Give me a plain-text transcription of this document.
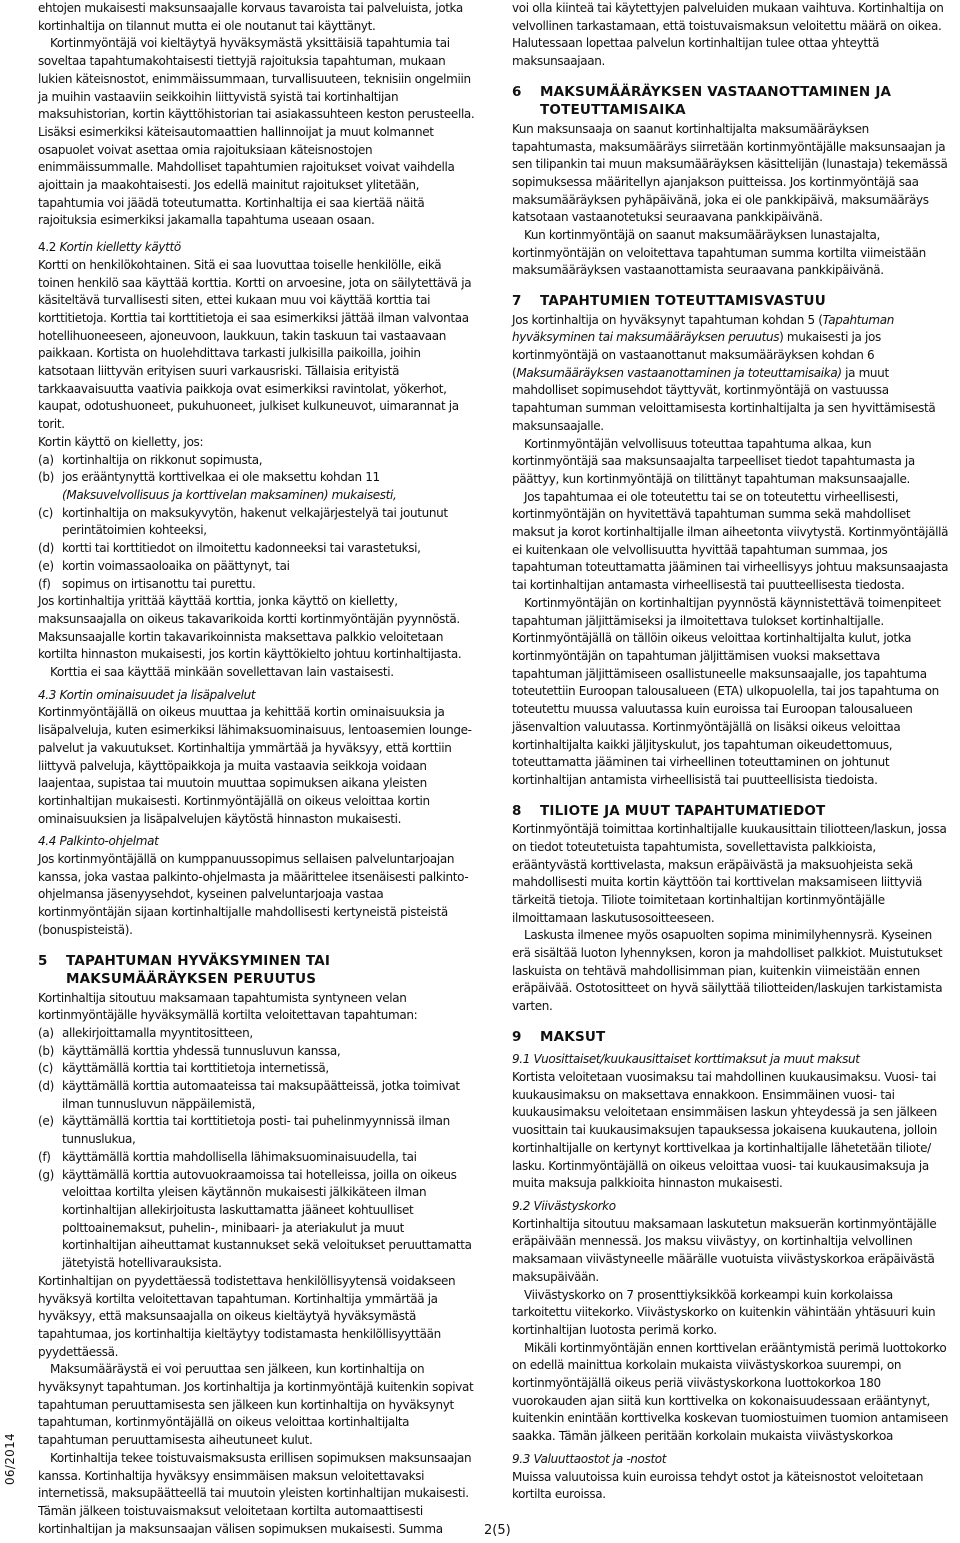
06/2014

ehtojen mukaisesti maksunsaajalle korvaus tavaroista tai palveluista, jotka kortinhaltija on tilannut mutta ei ole noutanut tai käyttänyt.

Kortinmyöntäjä voi kieltäytyä hyväksymästä yksittäisiä tapahtumia tai soveltaa tapahtumakohtaisesti tiettyjä rajoituksia tapahtuman, mukaan lukien käteisnostot, enimmäissummaan, turvallisuuteen, teknisiin ongelmiin ja muihin vastaaviin seikkoihin liittyvistä syistä tai kortinhaltijan maksuhistorian, kortin käyttöhistorian tai asiakassuhteen keston perusteella. Lisäksi esimerkiksi käteisautomaattien hallinnoijat ja muut kolmannet osapuolet voivat asettaa omia rajoituksiaan käteisnostojen enimmäissummalle. Mahdolliset tapahtumien rajoitukset voivat vaihdella ajoittain ja maakohtaisesti. Jos edellä mainitut rajoitukset ylitetään, tapahtumia voi jäädä toteutumatta. Kortinhaltija ei saa kiertää näitä rajoituksia esimerkiksi jakamalla tapahtuma useaan osaan.

4.2 Kortin kielletty käyttö

Kortti on henkilökohtainen. Sitä ei saa luovuttaa toiselle henkilölle, eikä toinen henkilö saa käyttää korttia. Kortti on arvoesine, jota on säilytettävä ja käsiteltävä turvallisesti siten, ettei kukaan muu voi käyttää korttia tai korttitietoja. Korttia tai korttitietoja ei saa esimerkiksi jättää ilman valvontaa hotellihuoneeseen, ajoneuvoon, laukkuun, takin taskuun tai vastaavaan paikkaan. Kortista on huolehdittava tarkasti julkisilla paikoilla, joihin katsotaan liittyvän erityisen suuri varkausriski. Tällaisia erityistä tarkkaavaisuutta vaativia paikkoja ovat esimerkiksi ravintolat, yökerhot, kaupat, odotushuoneet, pukuhuoneet, julkiset kulkuneuvot, uimarannat ja torit.

Kortin käyttö on kielletty, jos:

(a) kortinhaltija on rikkonut sopimusta,
(b) jos erääntynyttä korttivelkaa ei ole maksettu kohdan 11
(Maksuvelvollisuus ja korttivelan maksaminen) mukaisesti,
(c) kortinhaltija on maksukyvytön, hakenut velkajärjestelyä tai joutunut perintätoimien kohteeksi,
(d) kortti tai korttitiedot on ilmoitettu kadonneeksi tai varastetuksi,
(e) kortin voimassaoloaika on päättynyt, tai
(f) sopimus on irtisanottu tai purettu.

Jos kortinhaltija yrittää käyttää korttia, jonka käyttö on kielletty, maksunsaajalla on oikeus takavarikoida kortti kortinmyöntäjän pyynnöstä. Maksunsaajalle kortin takavarikoinnista maksettava palkkio veloitetaan kortilta hinnaston mukaisesti, jos kortin käyttökielto johtuu kortinhaltijasta.

Korttia ei saa käyttää minkään sovellettavan lain vastaisesti.

4.3 Kortin ominaisuudet ja lisäpalvelut

Kortinmyöntäjällä on oikeus muuttaa ja kehittää kortin ominaisuuksia ja lisäpalveluja, kuten esimerkiksi lähimaksuominaisuus, lentoasemien lounge-palvelut ja vakuutukset. Kortinhaltija ymmärtää ja hyväksyy, että korttiin liittyvä palveluja, käyttöpaikkoja ja muita vastaavia seikkoja voidaan laajentaa, supistaa tai muutoin muuttaa sopimuksen aikana yleisten kortinhaltijan mukaisesti. Kortinmyöntäjällä on oikeus veloittaa kortin ominaisuuksien ja lisäpalvelujen käytöstä hinnaston mukaisesti.

4.4 Palkinto-ohjelmat

Jos kortinmyöntäjällä on kumppanuussopimus sellaisen palveluntarjoajan kanssa, joka vastaa palkinto-ohjelmasta ja määrittelee itsenäisesti palkinto-ohjelmansa jäsenyysehdot, kyseinen palveluntarjoaja vastaa kortinmyöntäjän sijaan kortinhaltijalle mahdollisesti kertyneistä pisteistä (bonuspisteistä).

5	TAPAHTUMAN HYVÄKSYMINEN TAI MAKSUMÄÄRÄYKSEN PERUUTUS

Kortinhaltija sitoutuu maksamaan tapahtumista syntyneen velan kortinmyöntäjälle hyväksymällä kortilta veloitettavan tapahtuman:

(a) allekirjoittamalla myyntitositteen,
(b) käyttämällä korttia yhdessä tunnusluvun kanssa,
(c) käyttämällä korttia tai korttitietoja internetissä,
(d) käyttämällä korttia automaateissa tai maksupäätteissä, jotka toimivat ilman tunnusluvun näppäilemistä,
(e) käyttämällä korttia tai korttitietoja posti- tai puhelinmyynnissä ilman tunnuslukua,
(f) käyttämällä korttia mahdollisella lähimaksuominaisuudella, tai
(g) käyttämällä korttia autovuokraamoissa tai hotelleissa, joilla on oikeus veloittaa kortilta yleisen käytännön mukaisesti jälkikäteen ilman kortinhaltijan allekirjoitusta laskuttamatta jääneet kohtuulliset polttoainemaksut, puhelin-, minibaari- ja ateriakulut ja muut kortinhaltijan aiheuttamat kustannukset sekä veloitukset peruuttamatta jätetyistä hotellivarauksista.

Kortinhaltijan on pyydettäessä todistettava henkilöllisyytensä voidakseen hyväksyä kortilta veloitettavan tapahtuman. Kortinhaltija ymmärtää ja hyväksyy, että maksunsaajalla on oikeus kieltäytyä hyväksymästä tapahtumaa, jos kortinhaltija kieltäytyy todistamasta henkilöllisyyttään pyydettäessä.

Maksumääräystä ei voi peruuttaa sen jälkeen, kun kortinhaltija on hyväksynyt tapahtuman. Jos kortinhaltija ja kortinmyöntäjä kuitenkin sopivat tapahtuman peruuttamisesta sen jälkeen kun kortinhaltija on hyväksynyt tapahtuman, kortinmyöntäjällä on oikeus veloittaa kortinhaltijalta tapahtuman peruuttamisesta aiheutuneet kulut.

Kortinhaltija tekee toistuvaismaksusta erillisen sopimuksen maksunsaajan kanssa. Kortinhaltija hyväksyy ensimmäisen maksun veloitettavaksi internetissä, maksupäätteellä tai muutoin yleisten kortinhaltijan mukaisesti. Tämän jälkeen toistuvaismaksut veloitetaan kortilta automaattisesti kortinhaltijan ja maksunsaajan välisen sopimuksen mukaisesti. Summa

voi olla kiinteä tai käytettyjen palveluiden mukaan vaihtuva. Kortinhaltija on velvollinen tarkastamaan, että toistuvaismaksun veloitettu määrä on oikea. Halutessaan lopettaa palvelun kortinhaltijan tulee ottaa yhteyttä maksunsaajaan.

6	MAKSUMÄÄRÄYKSEN VASTAANOTTAMINEN JA TOTEUTTAMISAIKA

Kun maksunsaaja on saanut kortinhaltijalta maksumääräyksen tapahtumasta, maksumääräys siirretään kortinmyöntäjälle maksunsaajan ja sen tilipankin tai muun maksumääräyksen käsittelijän (lunastaja) tekemässä sopimuksessa määritellyn ajanjakson puitteissa. Jos kortinmyöntäjä saa maksumääräyksen pyhäpäivänä, joka ei ole pankkipäivä, maksumääräys katsotaan vastaanotetuksi seuraavana pankkipäivänä.

Kun kortinmyöntäjä on saanut maksumääräyksen lunastajalta, kortinmyöntäjän on veloitettava tapahtuman summa kortilta viimeistään maksumääräyksen vastaanottamista seuraavana pankkipäivänä.

7	TAPAHTUMIEN TOTEUTTAMISVASTUU

Jos kortinhaltija on hyväksynyt tapahtuman kohdan 5 (Tapahtuman hyväksyminen tai maksumääräyksen peruutus) mukaisesti ja jos kortinmyöntäjä on vastaanottanut maksumääräyksen kohdan 6 (Maksumääräyksen vastaanottaminen ja toteuttamisaika) ja muut mahdolliset sopimusehdot täyttyvät, kortinmyöntäjä on vastuussa tapahtuman summan veloittamisesta kortinhaltijalta ja sen hyvittämisestä maksunsaajalle.

Kortinmyöntäjän velvollisuus toteuttaa tapahtuma alkaa, kun kortinmyöntäjä saa maksunsaajalta tarpeelliset tiedot tapahtumasta ja päättyy, kun kortinmyöntäjä on tilittänyt tapahtuman maksunsaajalle.

Jos tapahtumaa ei ole toteutettu tai se on toteutettu virheellisesti, kortinmyöntäjän on hyvitettävä tapahtuman summa sekä mahdolliset maksut ja korot kortinhaltijalle ilman aiheetonta viivytystä. Kortinmyöntäjällä ei kuitenkaan ole velvollisuutta hyvittää tapahtuman summaa, jos tapahtuman toteuttamatta jääminen tai virheellisyys johtuu maksunsaajasta tai kortinhaltijan antamasta virheellisestä tai puutteellisesta tiedosta.

Kortinmyöntäjän on kortinhaltijan pyynnöstä käynnistettävä toimenpiteet tapahtuman jäljittämiseksi ja ilmoitettava tulokset kortinhaltijalle. Kortinmyöntäjällä on tällöin oikeus veloittaa kortinhaltijalta kulut, jotka kortinmyöntäjän on tapahtuman jäljittämisen vuoksi maksettava tapahtuman jäljittämiseen osallistuneelle maksunsaajalle, jos tapahtuma toteutettiin Euroopan talousalueen (ETA) ulkopuolella, tai jos tapahtuma on toteutettu muussa valuutassa kuin euroissa tai Euroopan talousalueen jäsenvaltion valuutassa. Kortinmyöntäjällä on lisäksi oikeus veloittaa kortinhaltijalta kaikki jäljityskulut, jos tapahtuman oikeudettomuus, toteuttamatta jääminen tai virheellinen toteuttaminen on johtunut kortinhaltijan antamista virheellisistä tai puutteellisista tiedoista.

8	TILIOTE JA MUUT TAPAHTUMATIEDOT

Kortinmyöntäjä toimittaa kortinhaltijalle kuukausittain tiliotteen/laskun, jossa on tiedot toteutetuista tapahtumista, sovellettavista palkkioista, erääntyvästä korttivelasta, maksun eräpäivästä ja maksuohjeista sekä mahdollisesti muita kortin käyttöön tai korttivelan maksamiseen liittyviä tärkeitä tietoja. Tiliote toimitetaan kortinhaltijan kortinmyöntäjälle ilmoittamaan laskutusosoitteeseen.

Laskusta ilmenee myös osapuolten sopima minimilyhennysrä. Kyseinen erä sisältää luoton lyhennyksen, koron ja mahdolliset palkkiot. Muistutukset laskuista on tehtävä mahdollisimman pian, kuitenkin viimeistään ennen eräpäivää. Ostotositteet on hyvä säilyttää tiliotteiden/laskujen tarkistamista varten.

9	MAKSUT

9.1 Vuosittaiset/kuukausittaiset korttimaksut ja muut maksut

Kortista veloitetaan vuosimaksu tai mahdollinen kuukausimaksu. Vuosi- tai kuukausimaksu on maksettava ennakkoon. Ensimmäinen vuosi- tai kuukausimaksu veloitetaan ensimmäisen laskun yhteydessä ja sen jälkeen vuosittain tai kuukausimaksujen tapauksessa jokaisena kuukautena, jolloin kortinhaltijalle on kertynyt korttivelkaa ja kortinhaltijalle lähetetään tiliote/ lasku. Kortinmyöntäjällä on oikeus veloittaa vuosi- tai kuukausimaksuja ja muita maksuja palkkioita hinnaston mukaisesti.

9.2 Viivästyskorko

Kortinhaltija sitoutuu maksamaan laskutetun maksuerän kortinmyöntäjälle eräpäivään mennessä. Jos maksu viivästyy, on kortinhaltija velvollinen maksamaan viivästyneelle määrälle vuotuista viivästyskorkoa eräpäivästä maksupäivään.

Viivästyskorko on 7 prosenttiyksikköä korkeampi kuin korkolaissa tarkoitettu viitekorko. Viivästyskorko on kuitenkin vähintään yhtäsuuri kuin kortinhaltijan luotosta perimä korko.

Mikäli kortinmyöntäjän ennen korttivelan erääntymistä perimä luottokorko on edellä mainittua korkolain mukaista viivästyskorkoa suurempi, on kortinmyöntäjällä oikeus periä viivästyskorkona luottokorkoa 180 vuorokauden ajan siitä kun korttivelka on kokonaisuudessaan erääntynyt, kuitenkin enintään korttivelka koskevan tuomiostuimen tuomion antamiseen saakka. Tämän jälkeen peritään korkolain mukaista viivästyskorkoa

9.3 Valuuttaostot ja -nostot

Muissa valuutoissa kuin euroissa tehdyt ostot ja käteisnostot veloitetaan kortilta euroissa.

2(5)
